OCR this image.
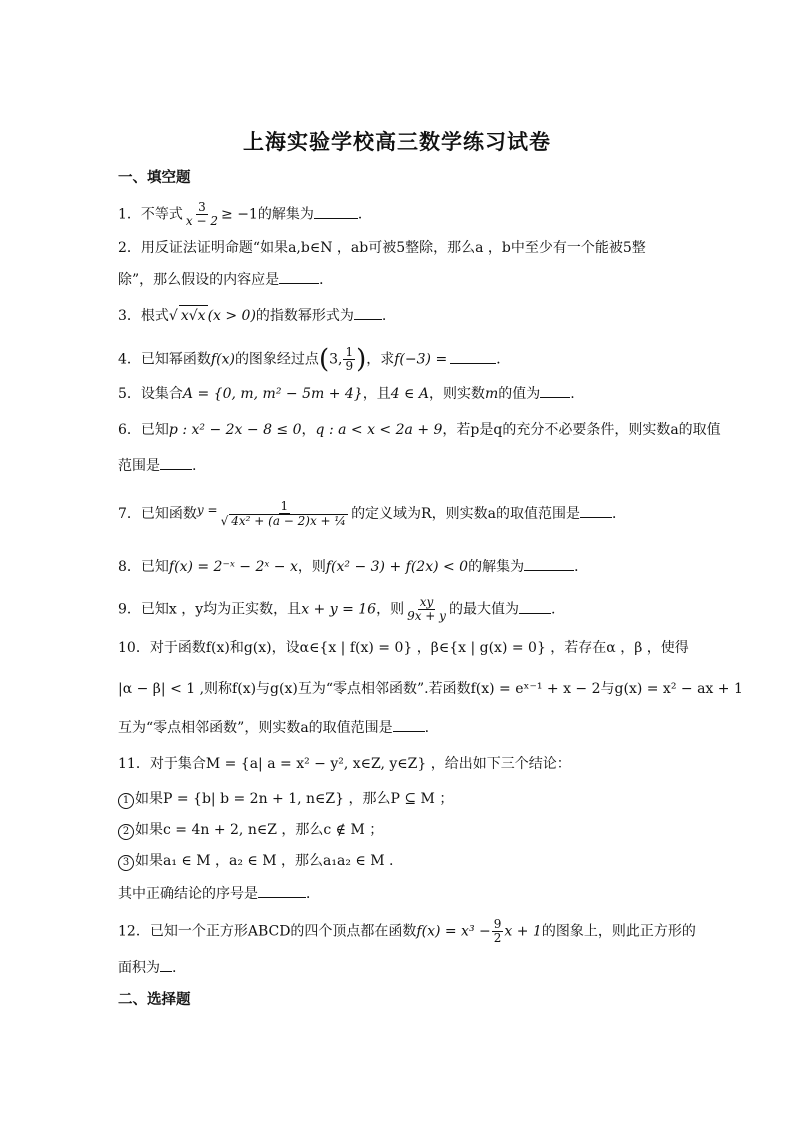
上海实验学校高三数学练习试卷
一、填空题
1．不等式 $\frac{3}{x - 2} \ge -1$的解集为	．
2．用反证法证明命题“如果a,b∈N ，ab可被5整除，那么a ，b中至少有一个能被5整
除”，那么假设的内容应是	．
3．根式√ x√x (x > 0)的指数幂形式为 .
4．已知幂函数f(x)的图象经过点(3, $\frac{1}{9}$ )，求f(−3) =	．
5．设集合A = {0, m, m² − 5m + 4}，且4 ∈ A，则实数m的值为 .
6．已知p : x² − 2x − 8 ≤ 0，q : a < x < 2a + 9，若p是q的充分不必要条件，则实数a的取值
范围是 .
7．已知函数$y = \frac{1}{\text{√ 4x² + (a − 2)x + ¼}}$ 的定义域为R，则实数a的取值范围是 ．
8．已知f(x) = 2⁻ˣ − 2ˣ − x，则f(x² − 3) + f(2x) < 0的解集为	．
9．已知x ，y均为正实数，且x + y = 16，则 $\frac{xy}{9x + y}$ 的最大值为 .
10．对于函数f(x)和g(x)，设α∈{x | f(x) = 0} ，β∈{x | g(x) = 0} ，若存在α ，β ，使得
|α − β| < 1 ,则称f(x)与g(x)互为“零点相邻函数”.若函数f(x) = eˣ⁻¹ + x − 2与g(x) = x² − ax + 1
互为“零点相邻函数”，则实数a的取值范围是 .
11．对于集合M = {a| a = x² − y², x∈Z, y∈Z} ，给出如下三个结论：
1 如果P = {b| b = 2n + 1, n∈Z} ，那么P ⊆ M ；
2 如果c = 4n + 2, n∈Z ，那么c ∉ M ；
3 如果a₁ ∈ M ，a₂ ∈ M ，那么a₁a₂ ∈ M .
其中正确结论的序号是	．
12．已知一个正方形ABCD的四个顶点都在函数$f(x) = x^3 - \frac{9}{2}$ x + 1的图象上，则此正方形的
面积为 .
二、选择题
